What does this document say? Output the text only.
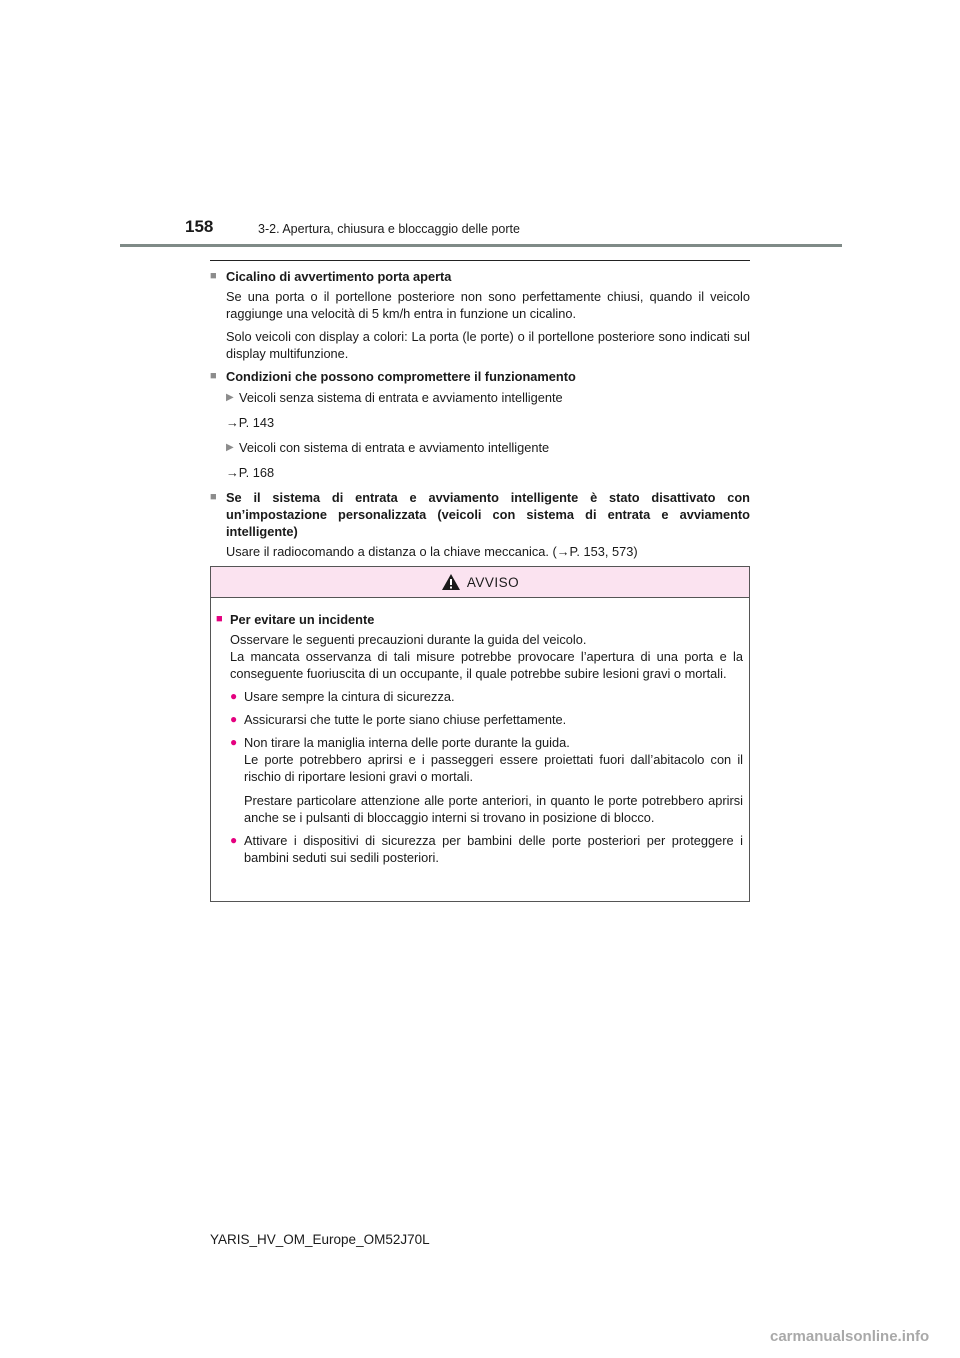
158	3-2. Apertura, chiusura e bloccaggio delle porte
■ Cicalino di avvertimento porta aperta
Se una porta o il portellone posteriore non sono perfettamente chiusi, quando il veicolo raggiunge una velocità di 5 km/h entra in funzione un cicalino.
Solo veicoli con display a colori: La porta (le porte) o il portellone posteriore sono indicati sul display multifunzione.
■ Condizioni che possono compromettere il funzionamento
▶ Veicoli senza sistema di entrata e avviamento intelligente
→P. 143
▶ Veicoli con sistema di entrata e avviamento intelligente
→P. 168
■ Se il sistema di entrata e avviamento intelligente è stato disattivato con un’impostazione personalizzata (veicoli con sistema di entrata e avviamento intelligente)
Usare il radiocomando a distanza o la chiave meccanica. (→P. 153, 573)
AVVISO
■ Per evitare un incidente
Osservare le seguenti precauzioni durante la guida del veicolo.
La mancata osservanza di tali misure potrebbe provocare l’apertura di una porta e la conseguente fuoriuscita di un occupante, il quale potrebbe subire lesioni gravi o mortali.
● Usare sempre la cintura di sicurezza.
● Assicurarsi che tutte le porte siano chiuse perfettamente.
● Non tirare la maniglia interna delle porte durante la guida.
Le porte potrebbero aprirsi e i passeggeri essere proiettati fuori dall’abitacolo con il rischio di riportare lesioni gravi o mortali.
Prestare particolare attenzione alle porte anteriori, in quanto le porte potrebbero aprirsi anche se i pulsanti di bloccaggio interni si trovano in posizione di blocco.
● Attivare i dispositivi di sicurezza per bambini delle porte posteriori per proteggere i bambini seduti sui sedili posteriori.
YARIS_HV_OM_Europe_OM52J70L
carmanualsonline.info
